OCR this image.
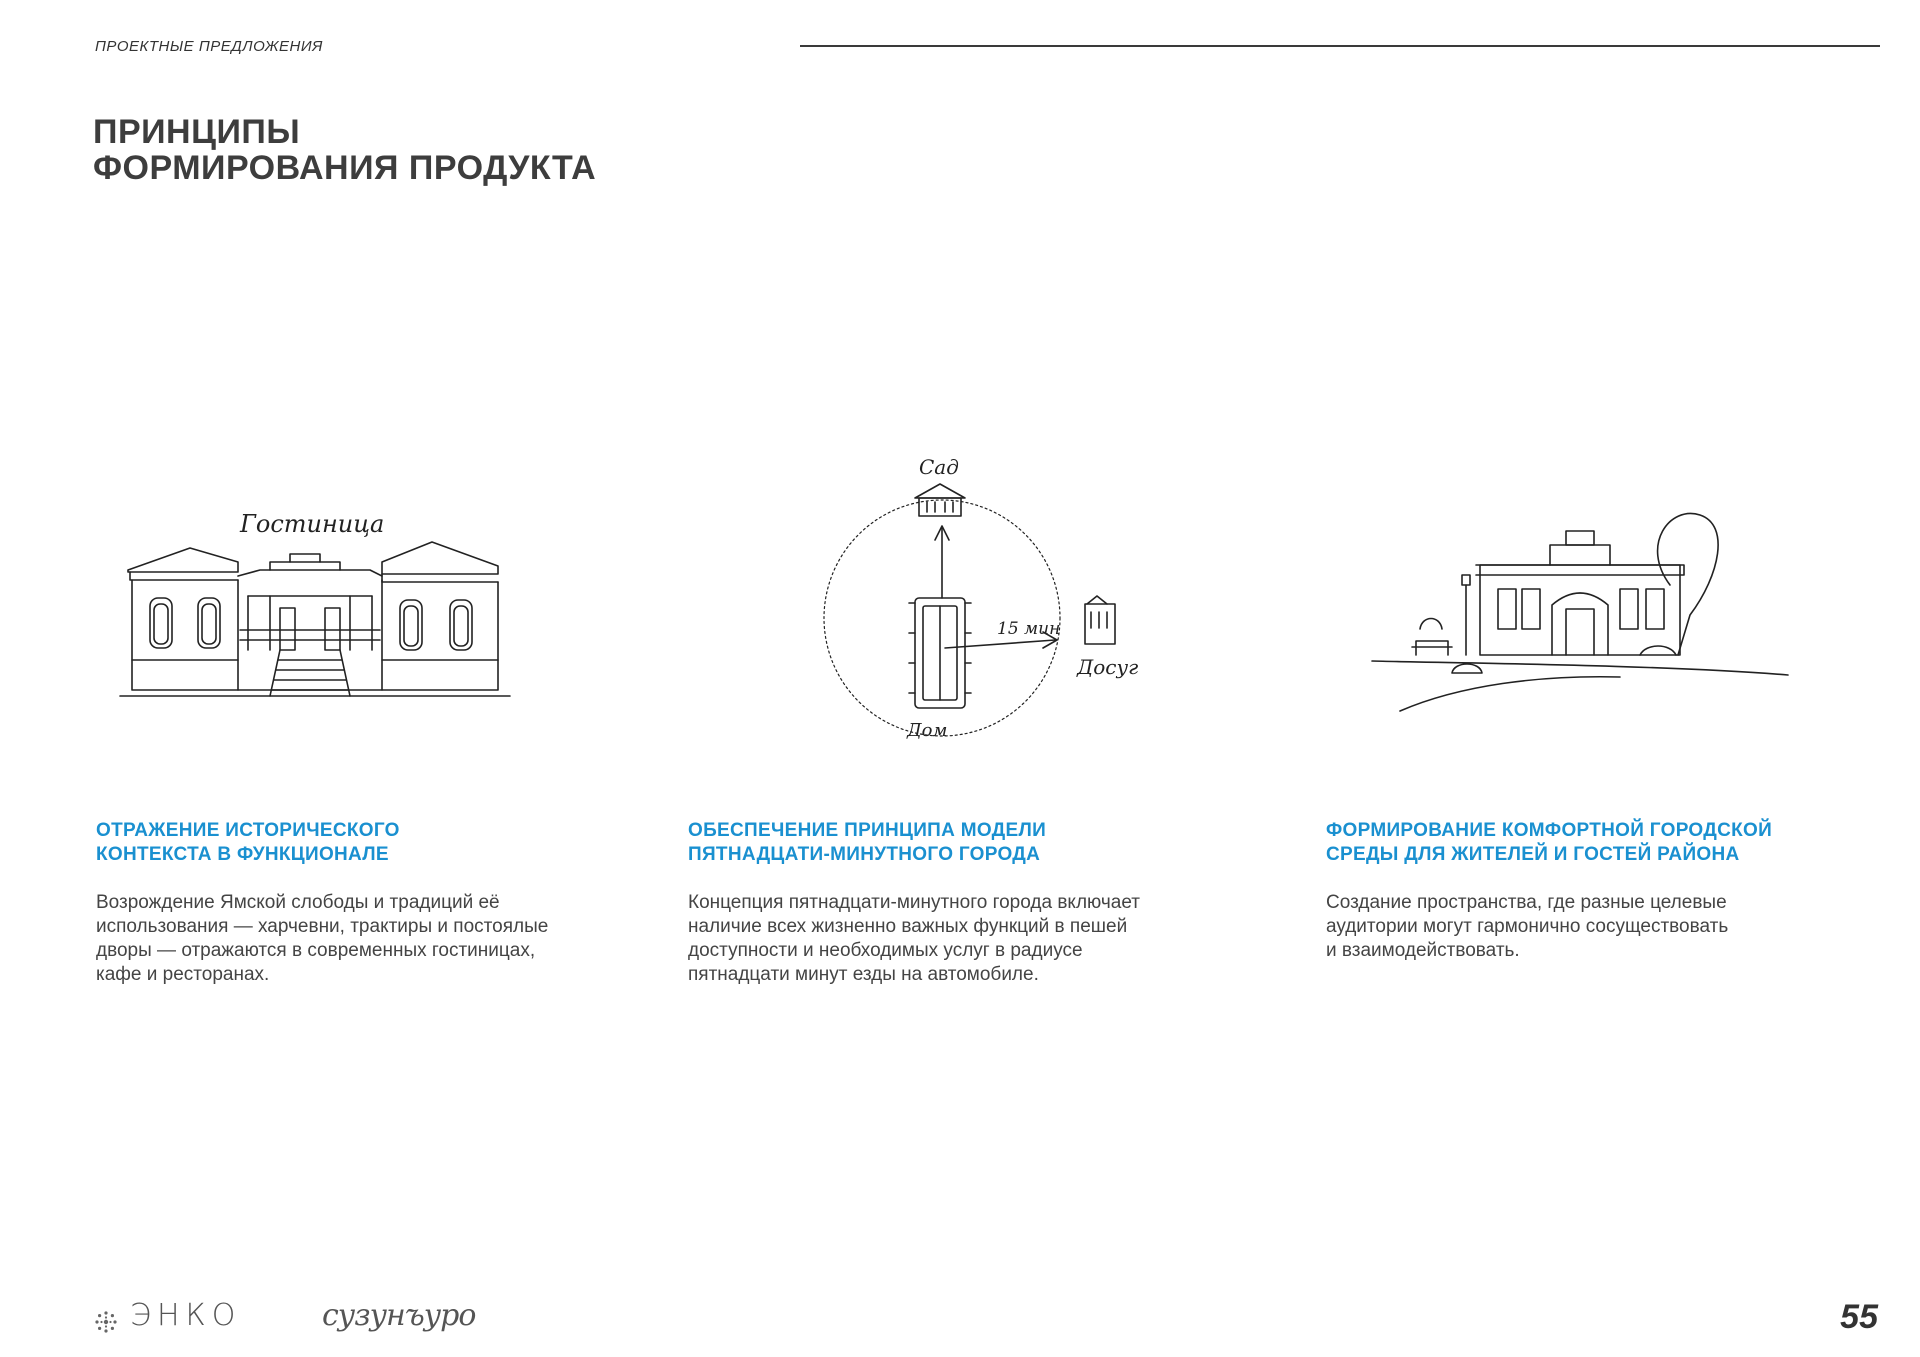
ПРОЕКТНЫЕ ПРЕДЛОЖЕНИЯ
ПРИНЦИПЫ
ФОРМИРОВАНИЯ ПРОДУКТА
Гостиница
Сад
Дом
15 мин
Досуг
ОТРАЖЕНИЕ ИСТОРИЧЕСКОГО
КОНТЕКСТА В ФУНКЦИОНАЛЕ

Возрождение Ямской слободы и традиций её
использования — харчевни, трактиры и постоялые
дворы — отражаются в современных гостиницах,
кафе и ресторанах.

ОБЕСПЕЧЕНИЕ ПРИНЦИПА МОДЕЛИ
ПЯТНАДЦАТИ-МИНУТНОГО ГОРОДА

Концепция пятнадцати-минутного города включает
наличие всех жизненно важных функций в пешей
доступности и необходимых услуг в радиусе
пятнадцати минут езды на автомобиле.

ФОРМИРОВАНИЕ КОМФОРТНОЙ ГОРОДСКОЙ
СРЕДЫ ДЛЯ ЖИТЕЛЕЙ И ГОСТЕЙ РАЙОНА

Создание пространства, где разные целевые
аудитории могут гармонично сосуществовать
и взаимодействовать.

ЭНКО	сузунъуро	55
